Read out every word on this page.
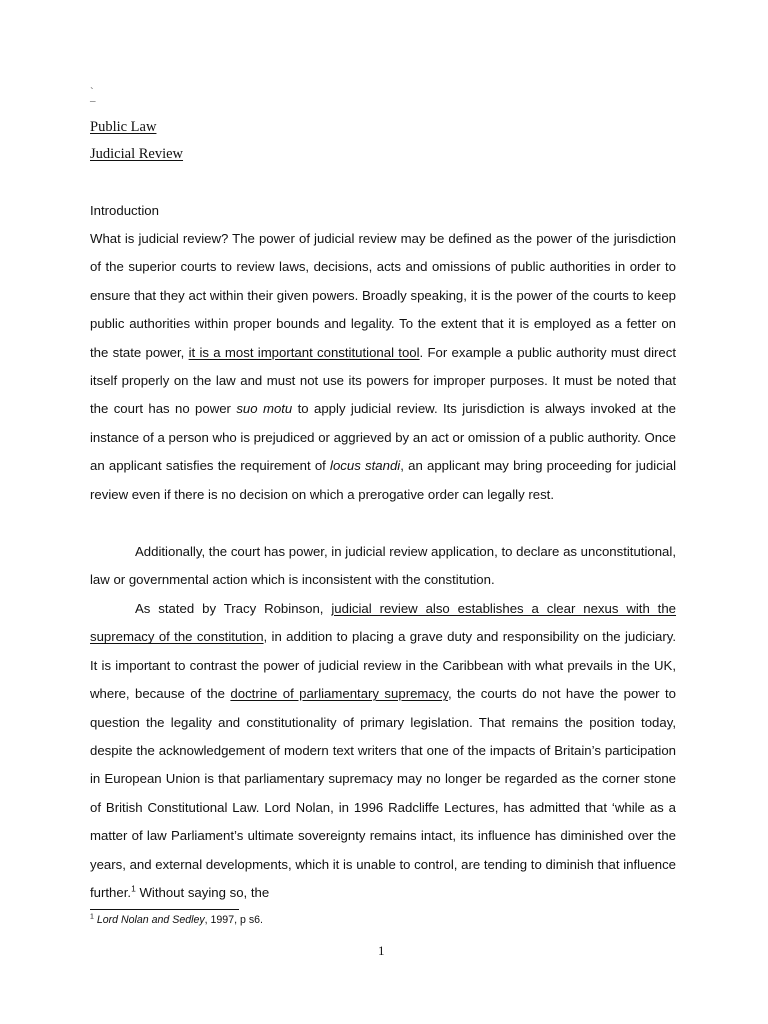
`
–
Public Law
Judicial Review
Introduction
What is judicial review? The power of judicial review may be defined as the power of the jurisdiction of the superior courts to review laws, decisions, acts and omissions of public authorities in order to ensure that they act within their given powers. Broadly speaking, it is the power of the courts to keep public authorities within proper bounds and legality. To the extent that it is employed as a fetter on the state power, it is a most important constitutional tool. For example a public authority must direct itself properly on the law and must not use its powers for improper purposes. It must be noted that the court has no power suo motu to apply judicial review. Its jurisdiction is always invoked at the instance of a person who is prejudiced or aggrieved by an act or omission of a public authority. Once an applicant satisfies the requirement of locus standi, an applicant may bring proceeding for judicial review even if there is no decision on which a prerogative order can legally rest.
Additionally, the court has power, in judicial review application, to declare as unconstitutional, law or governmental action which is inconsistent with the constitution.
As stated by Tracy Robinson, judicial review also establishes a clear nexus with the supremacy of the constitution, in addition to placing a grave duty and responsibility on the judiciary. It is important to contrast the power of judicial review in the Caribbean with what prevails in the UK, where, because of the doctrine of parliamentary supremacy, the courts do not have the power to question the legality and constitutionality of primary legislation. That remains the position today, despite the acknowledgement of modern text writers that one of the impacts of Britain’s participation in European Union is that parliamentary supremacy may no longer be regarded as the corner stone of British Constitutional Law. Lord Nolan, in 1996 Radcliffe Lectures, has admitted that ‘while as a matter of law Parliament’s ultimate sovereignty remains intact, its influence has diminished over the years, and external developments, which it is unable to control, are tending to diminish that influence further.$^1$ Without saying so, the
$^1$ Lord Nolan and Sedley, 1997, p s6.
1
